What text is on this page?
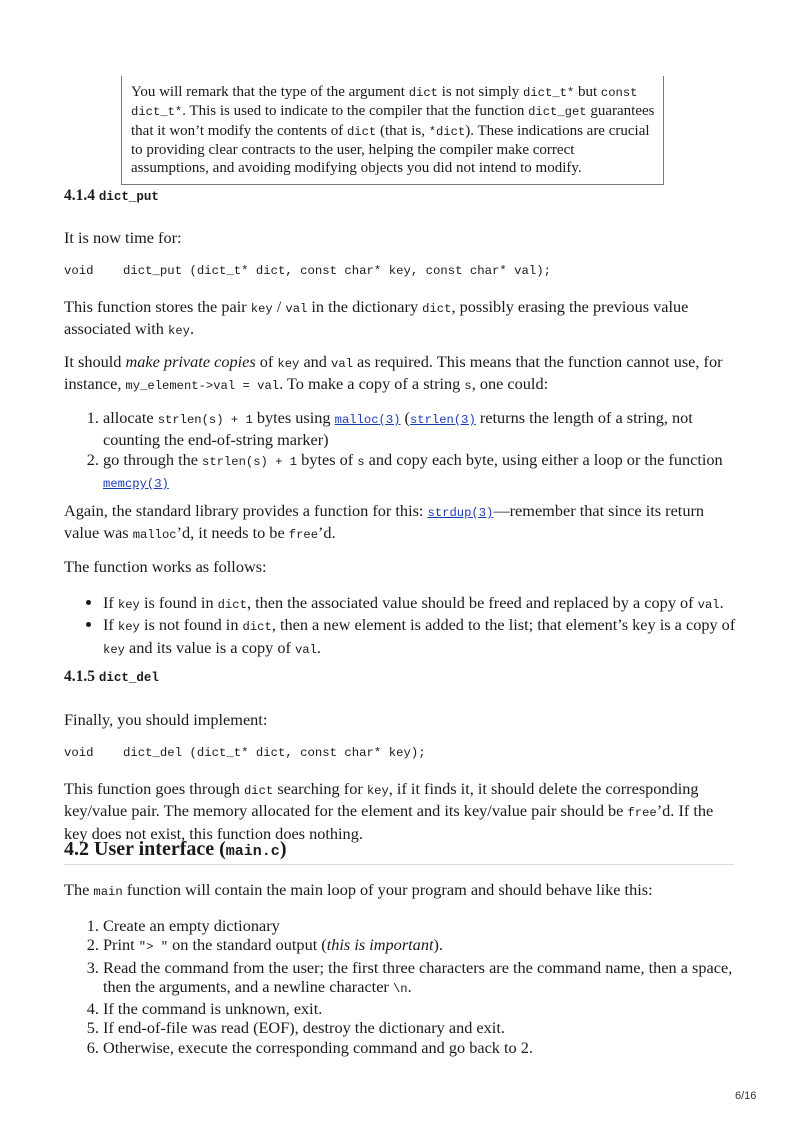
You will remark that the type of the argument dict is not simply dict_t* but const dict_t*. This is used to indicate to the compiler that the function dict_get guarantees that it won’t modify the contents of dict (that is, *dict). These indications are crucial to providing clear contracts to the user, helping the compiler make correct assumptions, and avoiding modifying objects you did not intend to modify.
4.1.4 dict_put
It is now time for:
void    dict_put (dict_t* dict, const char* key, const char* val);
This function stores the pair key / val in the dictionary dict, possibly erasing the previous value associated with key.
It should make private copies of key and val as required. This means that the function cannot use, for instance, my_element->val = val. To make a copy of a string s, one could:
1. allocate strlen(s) + 1 bytes using malloc(3) (strlen(3) returns the length of a string, not counting the end-of-string marker)
2. go through the strlen(s) + 1 bytes of s and copy each byte, using either a loop or the function memcpy(3)
Again, the standard library provides a function for this: strdup(3)—remember that since its return value was malloc’d, it needs to be free’d.
The function works as follows:
• If key is found in dict, then the associated value should be freed and replaced by a copy of val.
• If key is not found in dict, then a new element is added to the list; that element’s key is a copy of key and its value is a copy of val.
4.1.5 dict_del
Finally, you should implement:
void    dict_del (dict_t* dict, const char* key);
This function goes through dict searching for key, if it finds it, it should delete the corresponding key/value pair. The memory allocated for the element and its key/value pair should be free’d. If the key does not exist, this function does nothing.
4.2 User interface (main.c)
The main function will contain the main loop of your program and should behave like this:
1. Create an empty dictionary
2. Print "> " on the standard output (this is important).
3. Read the command from the user; the first three characters are the command name, then a space, then the arguments, and a newline character \n.
4. If the command is unknown, exit.
5. If end-of-file was read (EOF), destroy the dictionary and exit.
6. Otherwise, execute the corresponding command and go back to 2.
6/16
